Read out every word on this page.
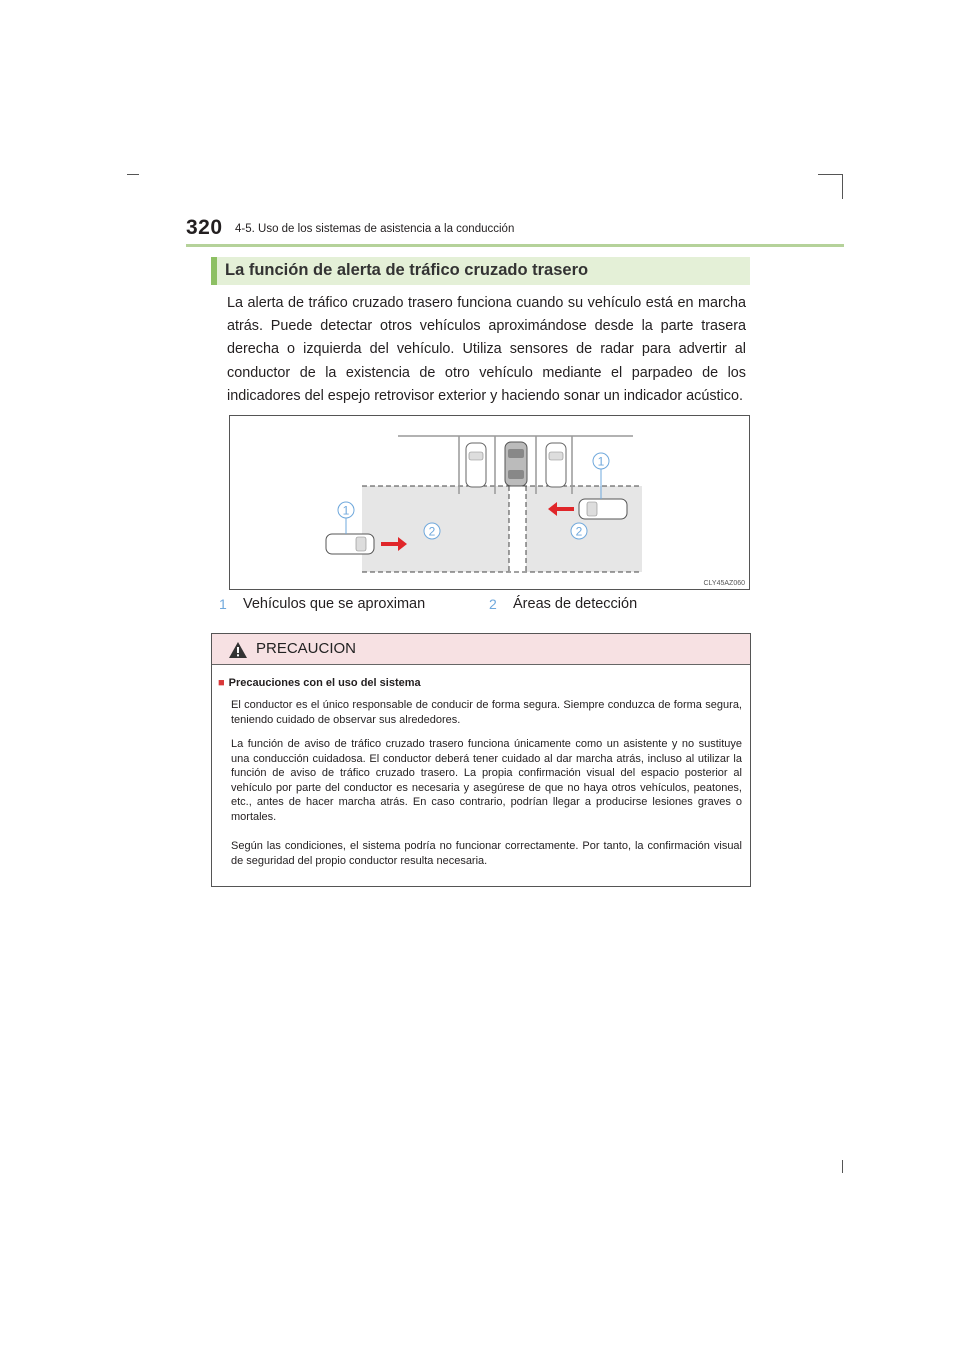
320 4-5. Uso de los sistemas de asistencia a la conducción
La función de alerta de tráfico cruzado trasero
La alerta de tráfico cruzado trasero funciona cuando su vehículo está en marcha atrás. Puede detectar otros vehículos aproximándose desde la parte trasera derecha o izquierda del vehículo. Utiliza sensores de radar para advertir al conductor de la existencia de otro vehículo mediante el parpadeo de los indicadores del espejo retrovisor exterior y haciendo sonar un indicador acústico.
1
2
1
2
CLY45AZ060
1	Vehículos que se aproximan	2	Áreas de detección
PRECAUCION
■ Precauciones con el uso del sistema
El conductor es el único responsable de conducir de forma segura. Siempre conduzca de forma segura, teniendo cuidado de observar sus alrededores.
La función de aviso de tráfico cruzado trasero funciona únicamente como un asistente y no sustituye una conducción cuidadosa. El conductor deberá tener cuidado al dar marcha atrás, incluso al utilizar la función de aviso de tráfico cruzado trasero. La propia confirmación visual del espacio posterior al vehículo por parte del conductor es necesaria y asegúrese de que no haya otros vehículos, peatones, etc., antes de hacer marcha atrás. En caso contrario, podrían llegar a producirse lesiones graves o mortales.
Según las condiciones, el sistema podría no funcionar correctamente. Por tanto, la confirmación visual de seguridad del propio conductor resulta necesaria.
